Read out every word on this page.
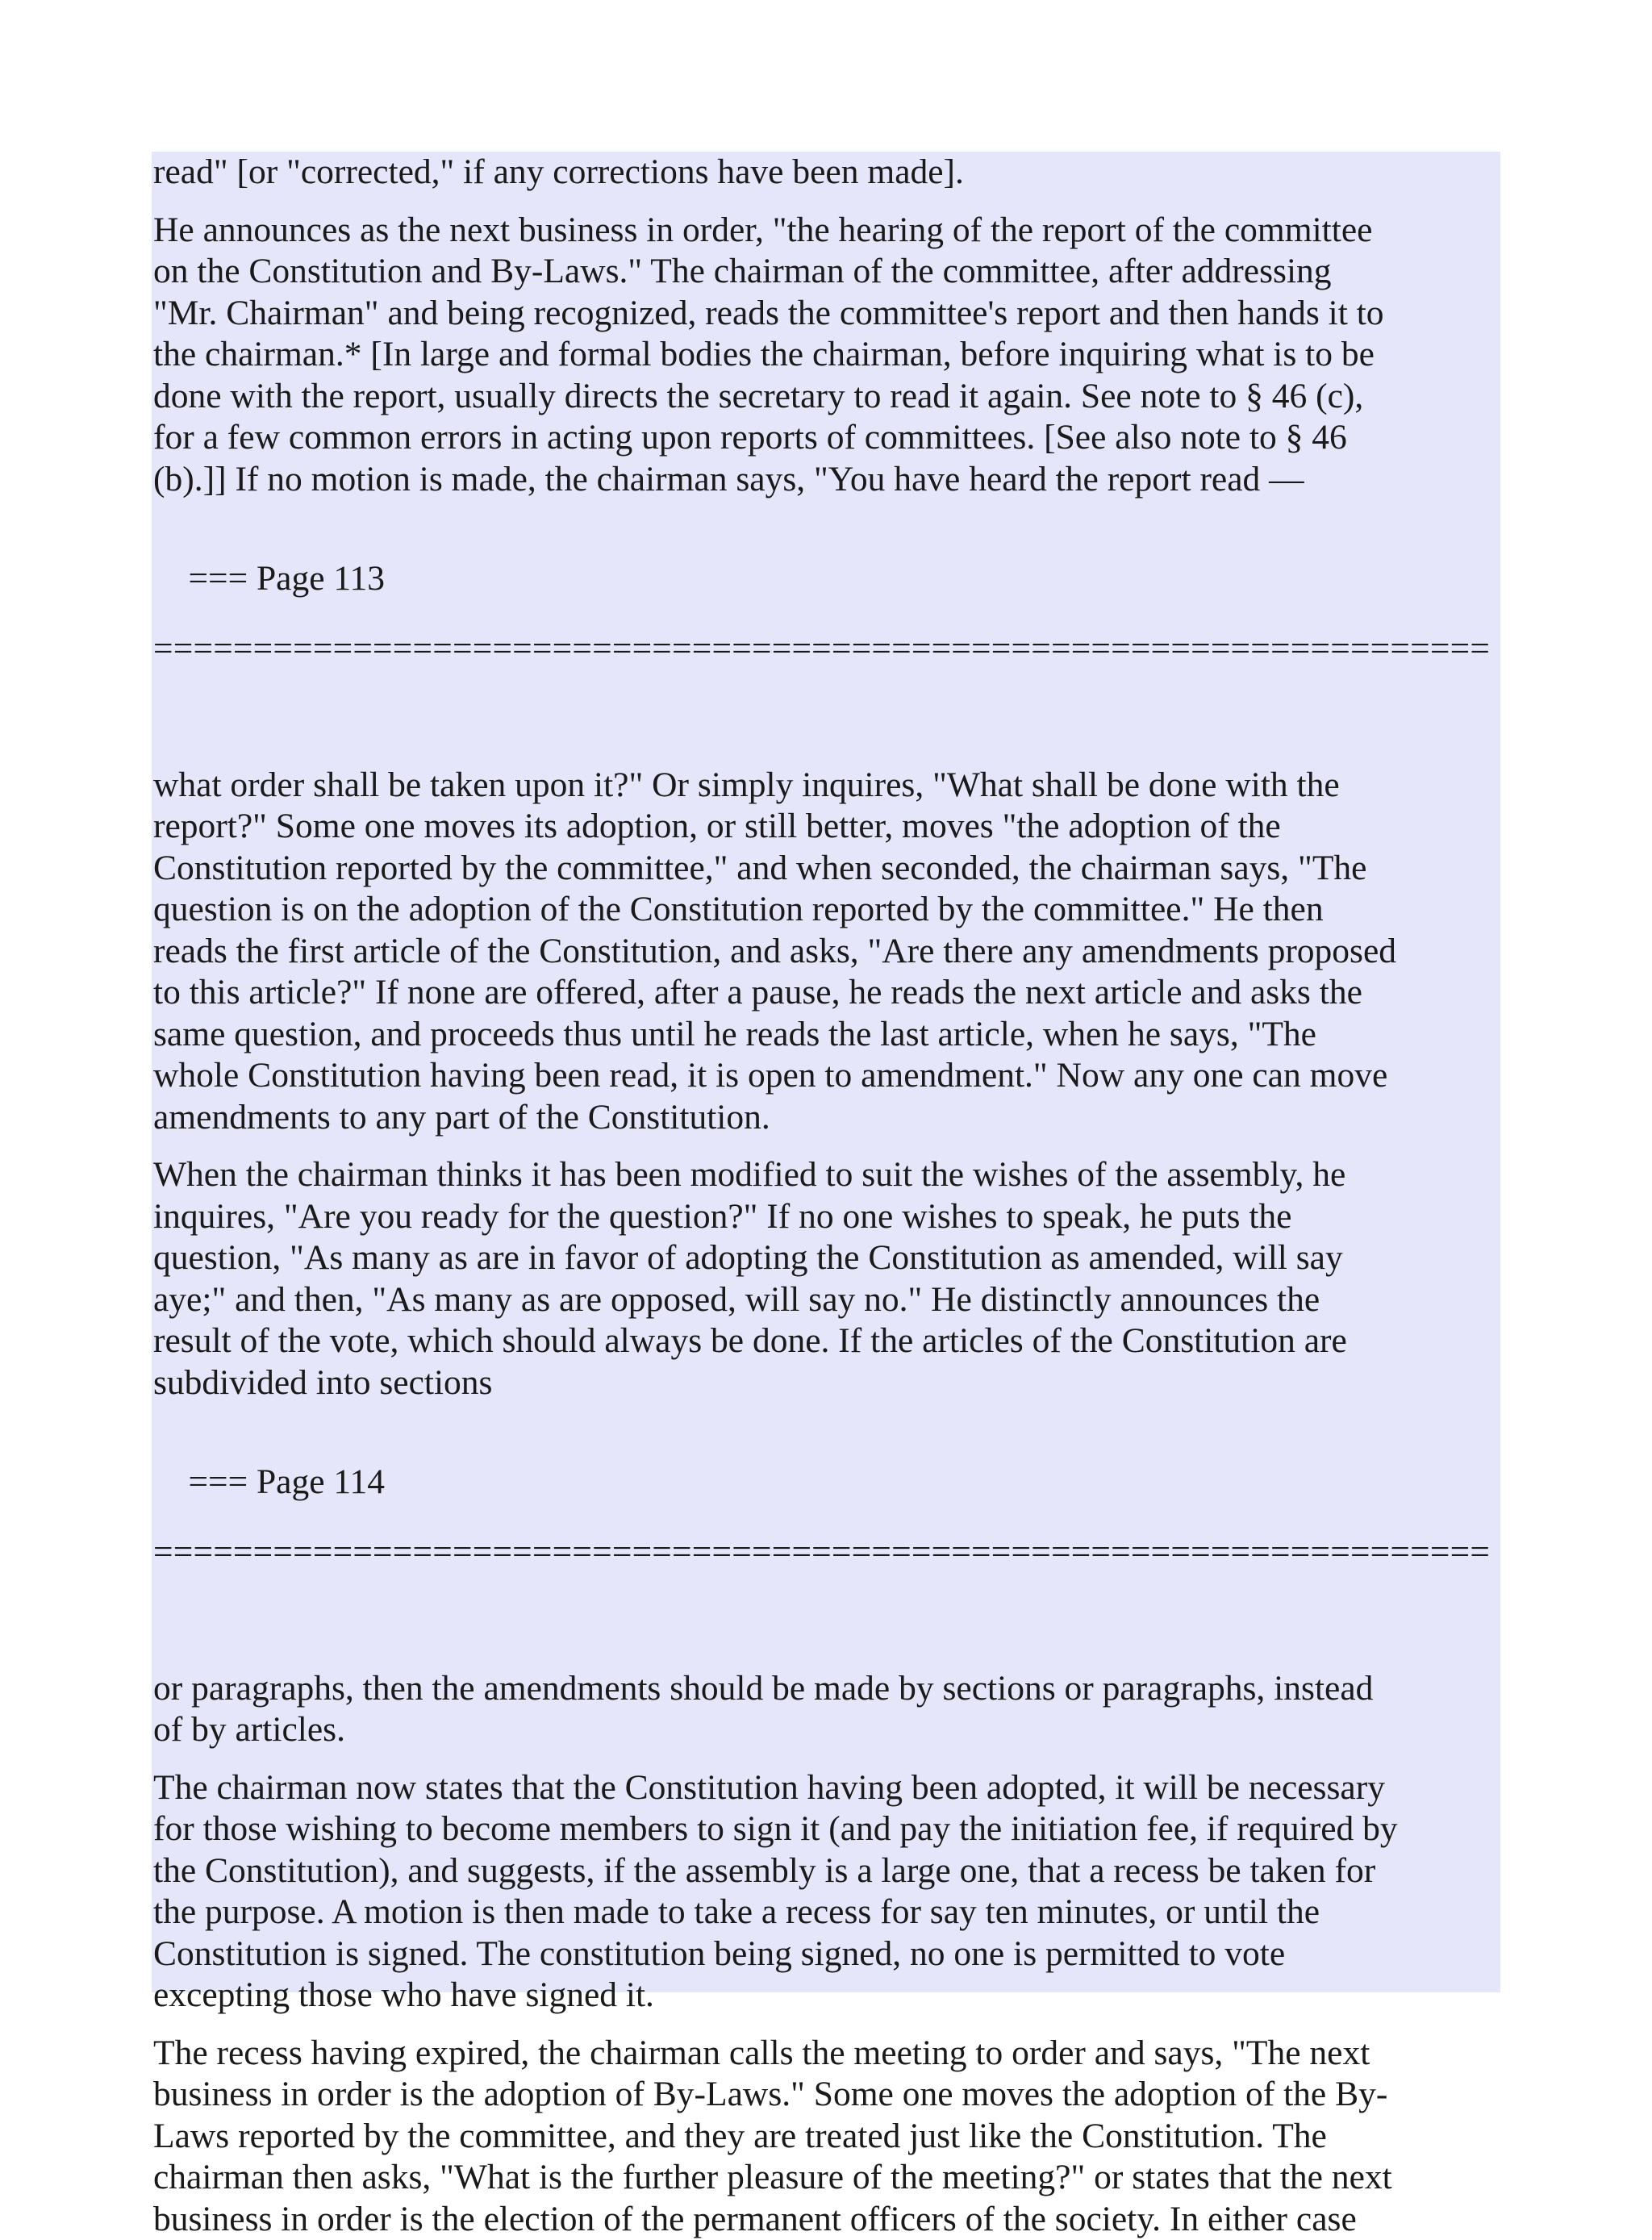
read" [or "corrected," if any corrections have been made].

He announces as the next business in order, "the hearing of the report of the committee
on the Constitution and By-Laws." The chairman of the committee, after addressing
"Mr. Chairman" and being recognized, reads the committee's report and then hands it to
the chairman.* [In large and formal bodies the chairman, before inquiring what is to be
done with the report, usually directs the secretary to read it again. See note to § 46 (c),
for a few common errors in acting upon reports of committees. [See also note to § 46
(b).]] If no motion is made, the chairman says, "You have heard the report read —

=== Page 113

===================================================================

what order shall be taken upon it?" Or simply inquires, "What shall be done with the
report?" Some one moves its adoption, or still better, moves "the adoption of the
Constitution reported by the committee," and when seconded, the chairman says, "The
question is on the adoption of the Constitution reported by the committee." He then
reads the first article of the Constitution, and asks, "Are there any amendments proposed
to this article?" If none are offered, after a pause, he reads the next article and asks the
same question, and proceeds thus until he reads the last article, when he says, "The
whole Constitution having been read, it is open to amendment." Now any one can move
amendments to any part of the Constitution.

When the chairman thinks it has been modified to suit the wishes of the assembly, he
inquires, "Are you ready for the question?" If no one wishes to speak, he puts the
question, "As many as are in favor of adopting the Constitution as amended, will say
aye;" and then, "As many as are opposed, will say no." He distinctly announces the
result of the vote, which should always be done. If the articles of the Constitution are
subdivided into sections

=== Page 114

===================================================================

or paragraphs, then the amendments should be made by sections or paragraphs, instead
of by articles.

The chairman now states that the Constitution having been adopted, it will be necessary
for those wishing to become members to sign it (and pay the initiation fee, if required by
the Constitution), and suggests, if the assembly is a large one, that a recess be taken for
the purpose. A motion is then made to take a recess for say ten minutes, or until the
Constitution is signed. The constitution being signed, no one is permitted to vote
excepting those who have signed it.

The recess having expired, the chairman calls the meeting to order and says, "The next
business in order is the adoption of By-Laws." Some one moves the adoption of the By-
Laws reported by the committee, and they are treated just like the Constitution. The
chairman then asks, "What is the further pleasure of the meeting?" or states that the next
business in order is the election of the permanent officers of the society. In either case
